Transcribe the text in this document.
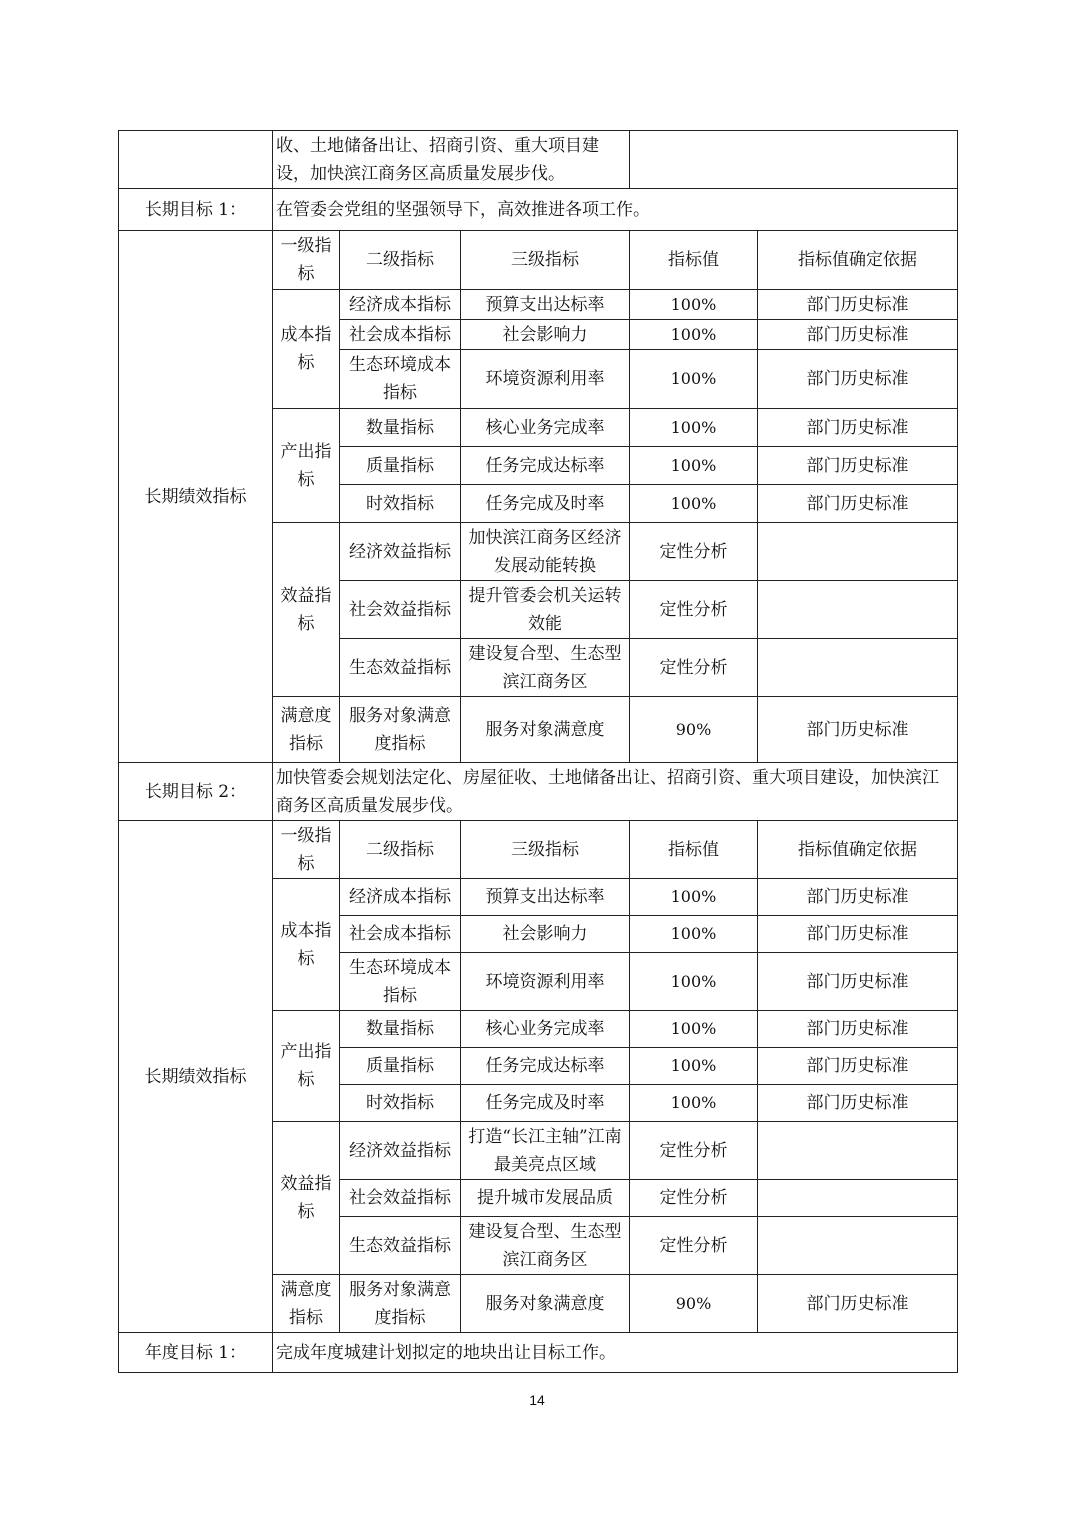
	收、土地储备出让、招商引资、重大项目建设，加快滨江商务区高质量发展步伐。				
长期目标 1：	在管委会党组的坚强领导下，高效推进各项工作。				
长期绩效指标	一级指标	二级指标	三级指标	指标值	指标值确定依据
	成本指标	经济成本指标	预算支出达标率	100%	部门历史标准
		社会成本指标	社会影响力	100%	部门历史标准
		生态环境成本指标	环境资源利用率	100%	部门历史标准
	产出指标	数量指标	核心业务完成率	100%	部门历史标准
		质量指标	任务完成达标率	100%	部门历史标准
		时效指标	任务完成及时率	100%	部门历史标准
	效益指标	经济效益指标	加快滨江商务区经济发展动能转换	定性分析	
		社会效益指标	提升管委会机关运转效能	定性分析	
		生态效益指标	建设复合型、生态型滨江商务区	定性分析	
	满意度指标	服务对象满意度指标	服务对象满意度	90%	部门历史标准
长期目标 2：	加快管委会规划法定化、房屋征收、土地储备出让、招商引资、重大项目建设，加快滨江商务区高质量发展步伐。				
长期绩效指标	一级指标	二级指标	三级指标	指标值	指标值确定依据
	成本指标	经济成本指标	预算支出达标率	100%	部门历史标准
		社会成本指标	社会影响力	100%	部门历史标准
		生态环境成本指标	环境资源利用率	100%	部门历史标准
	产出指标	数量指标	核心业务完成率	100%	部门历史标准
		质量指标	任务完成达标率	100%	部门历史标准
		时效指标	任务完成及时率	100%	部门历史标准
	效益指标	经济效益指标	打造“长江主轴”江南最美亮点区域	定性分析	
		社会效益指标	提升城市发展品质	定性分析	
		生态效益指标	建设复合型、生态型滨江商务区	定性分析	
	满意度指标	服务对象满意度指标	服务对象满意度	90%	部门历史标准
年度目标 1：	完成年度城建计划拟定的地块出让目标工作。				
14
